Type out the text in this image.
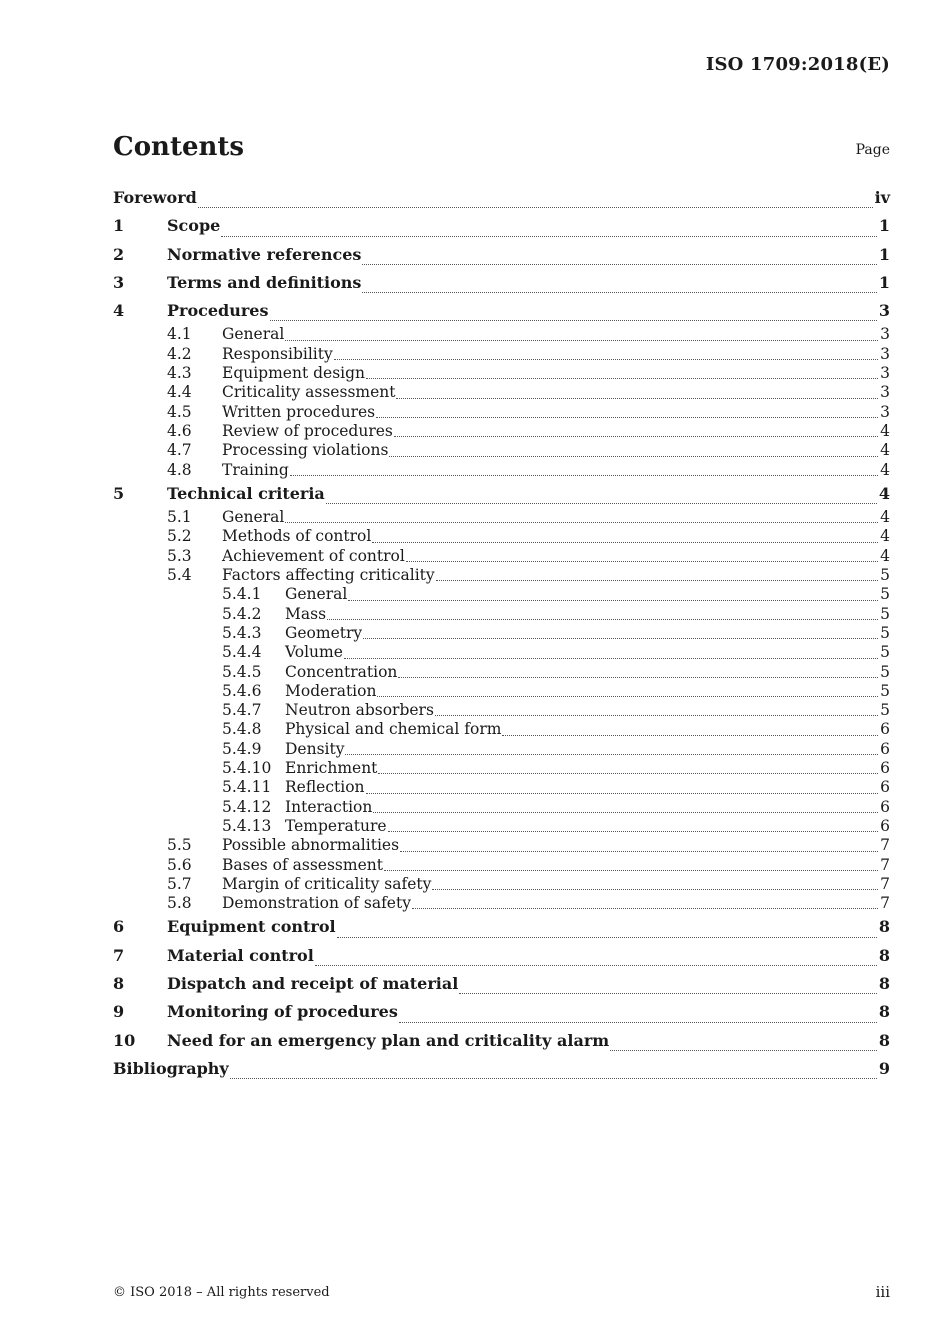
ISO 1709:2018(E)
Contents	Page
Foreword	iv
1	Scope	1
2	Normative references	1
3	Terms and definitions	1
4	Procedures	3
4.1	General	3
4.2	Responsibility	3
4.3	Equipment design	3
4.4	Criticality assessment	3
4.5	Written procedures	3
4.6	Review of procedures	4
4.7	Processing violations	4
4.8	Training	4
5	Technical criteria	4
5.1	General	4
5.2	Methods of control	4
5.3	Achievement of control	4
5.4	Factors affecting criticality	5
5.4.1	General	5
5.4.2	Mass	5
5.4.3	Geometry	5
5.4.4	Volume	5
5.4.5	Concentration	5
5.4.6	Moderation	5
5.4.7	Neutron absorbers	5
5.4.8	Physical and chemical form	6
5.4.9	Density	6
5.4.10 Enrichment	6
5.4.11 Reflection	6
5.4.12 Interaction	6
5.4.13 Temperature	6
5.5	Possible abnormalities	7
5.6	Bases of assessment	7
5.7	Margin of criticality safety	7
5.8	Demonstration of safety	7
6	Equipment control	8
7	Material control	8
8	Dispatch and receipt of material	8
9	Monitoring of procedures	8
10	Need for an emergency plan and criticality alarm	8
Bibliography	9
© ISO 2018 – All rights reserved	iii
